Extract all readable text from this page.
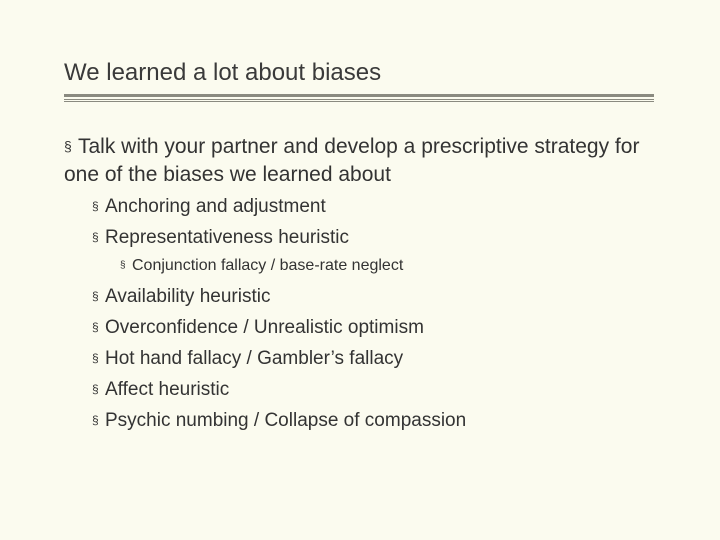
We learned a lot about biases
§ Talk with your partner and develop a prescriptive strategy for one of the biases we learned about
§ Anchoring and adjustment
§ Representativeness heuristic
§ Conjunction fallacy / base-rate neglect
§ Availability heuristic
§ Overconfidence / Unrealistic optimism
§ Hot hand fallacy / Gambler’s fallacy
§ Affect heuristic
§ Psychic numbing / Collapse of compassion
